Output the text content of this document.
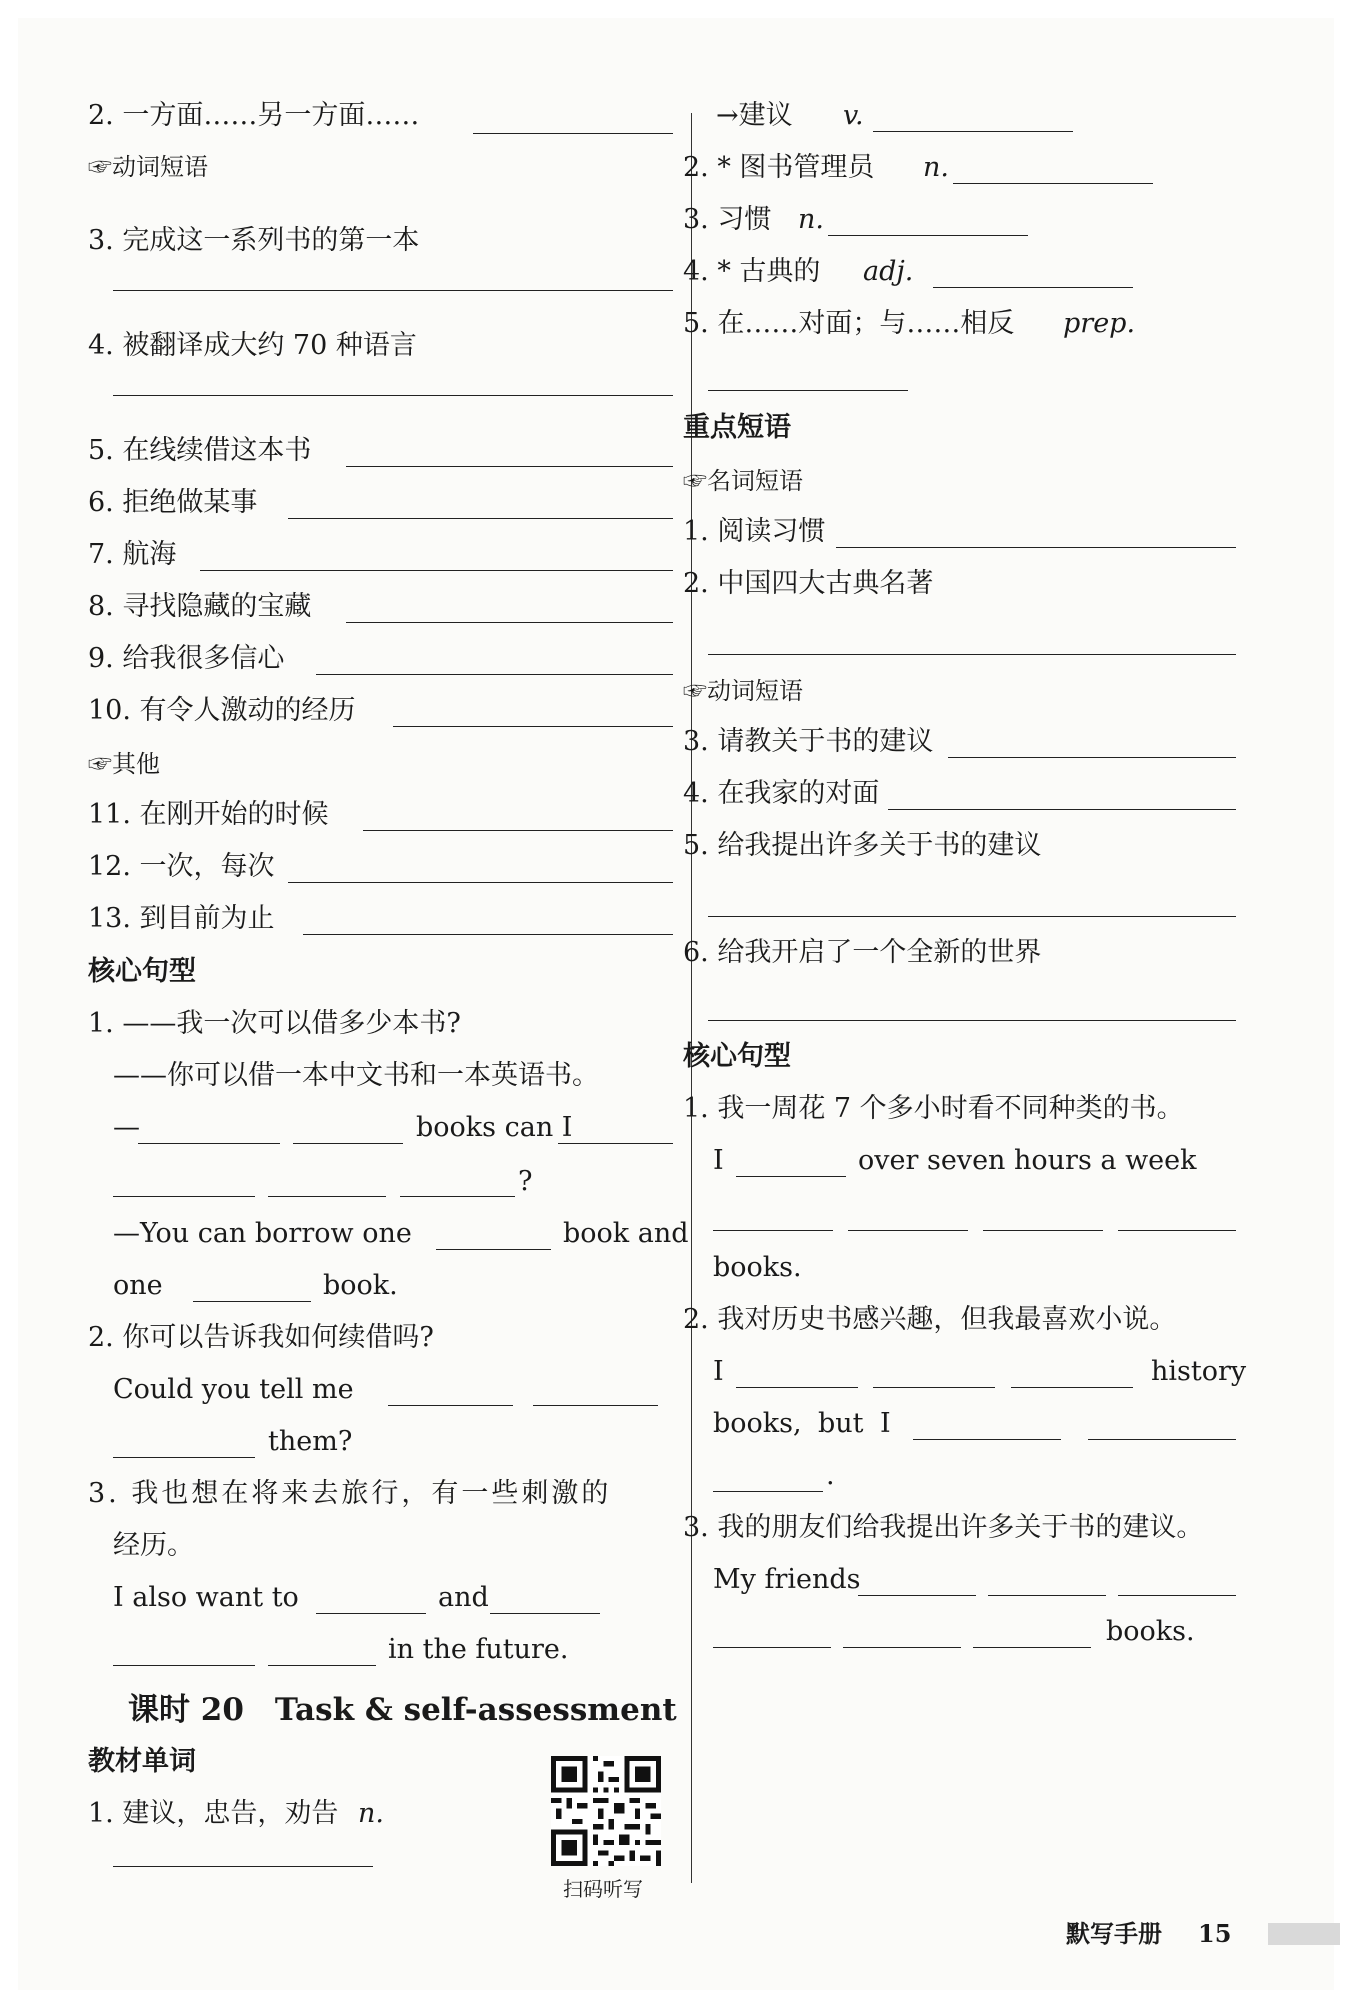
2. 一方面……另一方面……
☞动词短语
3. 完成这一系列书的第一本
4. 被翻译成大约 70 种语言
5. 在线续借这本书
6. 拒绝做某事
7. 航海
8. 寻找隐藏的宝藏
9. 给我很多信心
10. 有令人激动的经历
☞其他
11. 在刚开始的时候
12. 一次，每次
13. 到目前为止
核心句型
1. ——我一次可以借多少本书?
——你可以借一本中文书和一本英语书。
—	books can I
?
—You can borrow one	book and
one	book.
2. 你可以告诉我如何续借吗?
Could you tell me
them?
3. 我也想在将来去旅行，有一些刺激的
经历。
I also want to	and
in the future.
课时 20　Task & self-assessment
教材单词
1. 建议，忠告，劝告 n.
扫码听写
→建议 v.
2. * 图书管理员 n.
3. 习惯 n.
4. * 古典的 adj.
5. 在……对面；与……相反 prep.
重点短语
☞名词短语
1. 阅读习惯
2. 中国四大古典名著
☞动词短语
3. 请教关于书的建议
4. 在我家的对面
5. 给我提出许多关于书的建议
6. 给我开启了一个全新的世界
核心句型
1. 我一周花 7 个多小时看不同种类的书。
I	over seven hours a week
books.
2. 我对历史书感兴趣，但我最喜欢小说。
I	history
books, but I
.
3. 我的朋友们给我提出许多关于书的建议。
My friends
books.
默写手册 15
